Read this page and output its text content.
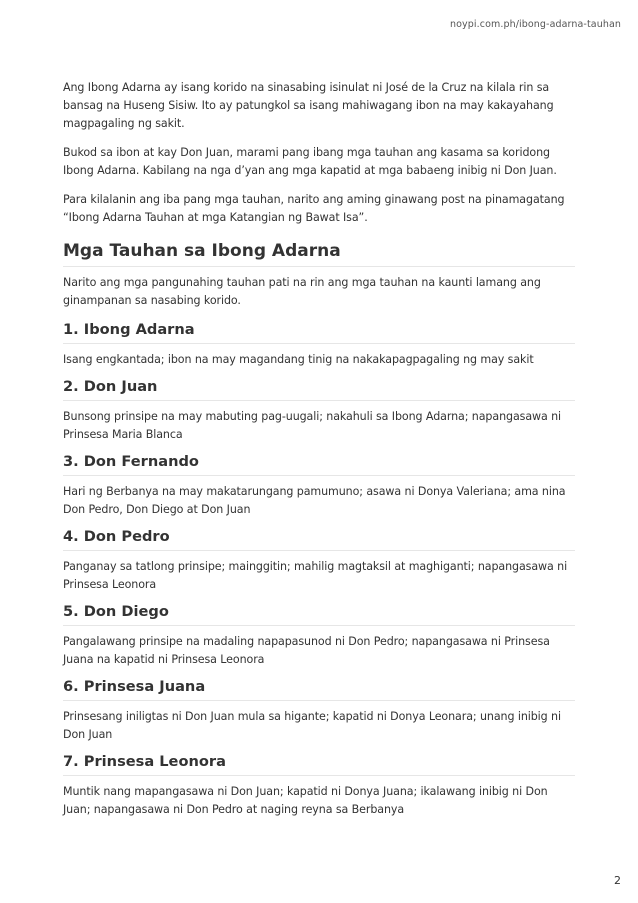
noypi.com.ph/ibong-adarna-tauhan

Ang Ibong Adarna ay isang korido na sinasabing isinulat ni José de la Cruz na kilala rin sa bansag na Huseng Sisiw. Ito ay patungkol sa isang mahiwagang ibon na may kakayahang magpagaling ng sakit.

Bukod sa ibon at kay Don Juan, marami pang ibang mga tauhan ang kasama sa koridong Ibong Adarna. Kabilang na nga d’yan ang mga kapatid at mga babaeng inibig ni Don Juan.

Para kilalanin ang iba pang mga tauhan, narito ang aming ginawang post na pinamagatang “Ibong Adarna Tauhan at mga Katangian ng Bawat Isa”.

Mga Tauhan sa Ibong Adarna

Narito ang mga pangunahing tauhan pati na rin ang mga tauhan na kaunti lamang ang ginampanan sa nasabing korido.

1. Ibong Adarna

Isang engkantada; ibon na may magandang tinig na nakakapagpagaling ng may sakit

2. Don Juan

Bunsong prinsipe na may mabuting pag-uugali; nakahuli sa Ibong Adarna; napangasawa ni Prinsesa Maria Blanca

3. Don Fernando

Hari ng Berbanya na may makatarungang pamumuno; asawa ni Donya Valeriana; ama nina Don Pedro, Don Diego at Don Juan

4. Don Pedro

Panganay sa tatlong prinsipe; mainggitin; mahilig magtaksil at maghiganti; napangasawa ni Prinsesa Leonora

5. Don Diego

Pangalawang prinsipe na madaling napapasunod ni Don Pedro; napangasawa ni Prinsesa Juana na kapatid ni Prinsesa Leonora

6. Prinsesa Juana

Prinsesang iniligtas ni Don Juan mula sa higante; kapatid ni Donya Leonara; unang inibig ni Don Juan

7. Prinsesa Leonora

Muntik nang mapangasawa ni Don Juan; kapatid ni Donya Juana; ikalawang inibig ni Don Juan; napangasawa ni Don Pedro at naging reyna sa Berbanya

2
